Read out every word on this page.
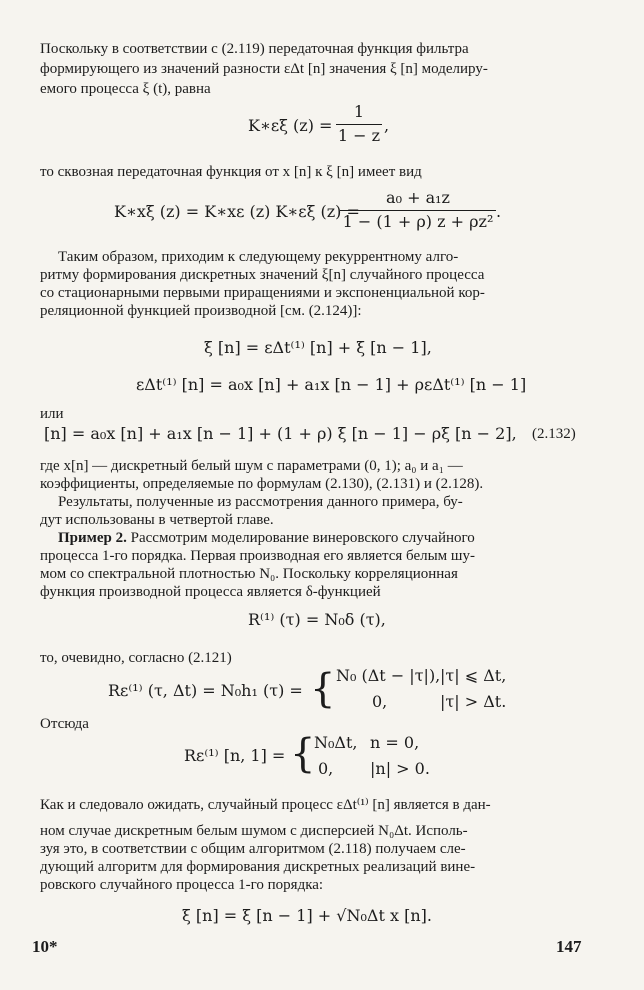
Поскольку в соответствии с (2.119) передаточная функция фильтра
формирующего из значений разности εΔt [n] значения ξ [n] моделиру-
емого процесса ξ (t), равна
K∗εξ (z) =
1
1 − z
,
то сквозная передаточная функция от x [n] к ξ [n] имеет вид
K∗xξ (z) = K∗xε (z) K∗εξ (z) =
a₀ + a₁z
1 − (1 + ρ) z + ρz²
.
Таким образом, приходим к следующему рекуррентному алго-
ритму формирования дискретных значений ξ[n] случайного процесса
со стационарными первыми приращениями и экспоненциальной кор-
реляционной функцией производной [см. (2.124)]:
ξ [n] = εΔt⁽¹⁾ [n] + ξ [n − 1],
εΔt⁽¹⁾ [n] = a₀x [n] + a₁x [n − 1] + ρεΔt⁽¹⁾ [n − 1]
или
[n] = a₀x [n] + a₁x [n − 1] + (1 + ρ) ξ [n − 1] − ρξ [n − 2], (2.132)
где x[n] — дискретный белый шум с параметрами (0, 1); a₀ и a₁ —
коэффициенты, определяемые по формулам (2.130), (2.131) и (2.128).
Результаты, полученные из рассмотрения данного примера, бу-
дут использованы в четвертой главе.
Пример 2. Рассмотрим моделирование винеровского случайного
процесса 1-го порядка. Первая производная его является белым шу-
мом со спектральной плотностью N₀. Поскольку корреляционная
функция производной процесса является δ-функцией
R⁽¹⁾ (τ) = N₀δ (τ),
то, очевидно, согласно (2.121)
Rε⁽¹⁾ (τ, Δt) = N₀h₁ (τ) = { N₀ (Δt − |τ|), |τ| ⩽ Δt,
0,	|τ| > Δt.
Отсюда
Rε⁽¹⁾ [n, 1] = {
N₀Δt, n = 0,
0, |n| > 0.
Как и следовало ожидать, случайный процесс εΔt⁽¹⁾ [n] является в дан-
ном случае дискретным белым шумом с дисперсией N₀Δt. Исполь-
зуя это, в соответствии с общим алгоритмом (2.118) получаем сле-
дующий алгоритм для формирования дискретных реализаций вине-
ровского случайного процесса 1-го порядка:
ξ [n] = ξ [n − 1] + √N₀Δt x [n].
10*	147
